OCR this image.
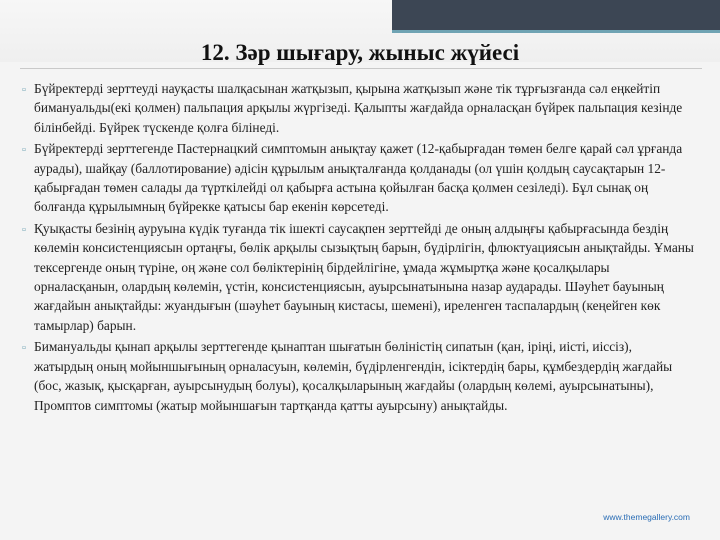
12. Зәр шығару, жыныс жүйесі
▫ Бүйректерді зерттеуді науқасты шалқасынан жатқызып, қырына жатқызып және тік тұрғызғанда сәл еңкейтіп бимануальды(екі қолмен) пальпация арқылы жүргізеді. Қалыпты жағдайда орналасқан бүйрек пальпация кезінде білінбейді. Бүйрек түскенде қолға білінеді.
▫ Бүйректерді зерттегенде Пастернацкий симптомын анықтау қажет (12-қабырғадан төмен белге қарай сәл ұрғанда аурады), шайқау (баллотирование) әдісін құрылым анықталғанда қолданады (ол үшін қолдың саусақтарын 12-қабырғадан төмен салады да түрткілейді ол қабырға астына қойылған басқа қолмен сезіледі). Бұл сынақ оң болғанда құрылымның бүйрекке қатысы бар екенін көрсетеді.
▫ Қуықасты безінің ауруына күдік туғанда тік ішекті саусақпен зерттейді де оның алдыңғы қабырғасында бездің көлемін консистенциясын ортаңғы, бөлік арқылы сызықтың барын, бүдірлігін, флюктуациясын анықтайды. Ұманы тексергенде оның түріне, оң және сол бөліктерінің бірдейлігіне, ұмада жұмыртқа және қосалқылары орналасқанын, олардың көлемін, үстін, консистенциясын, ауырсынатынына назар аударады. Шәуһет бауының жағдайын анықтайды: жуандығын (шәуһет бауының кистасы, шемені), иреленген таспалардың (кеңейген көк тамырлар) барын.
▫ Бимануальды қынап арқылы зерттегенде қынаптан шығатын бөліністің сипатын (қан, іріңі, иісті, иіссіз), жатырдың оның мойыншығының орналасуын, көлемін, бүдірленгендін, ісіктердің бары, құмбездердің жағдайы (бос, жазық, қысқарған, ауырсынудың болуы), қосалқыларының жағдайы (олардың көлемі, ауырсынатыны), Промптов симптомы (жатыр мойыншағын тартқанда қатты ауырсыну) анықтайды.
www.themegallery.com
